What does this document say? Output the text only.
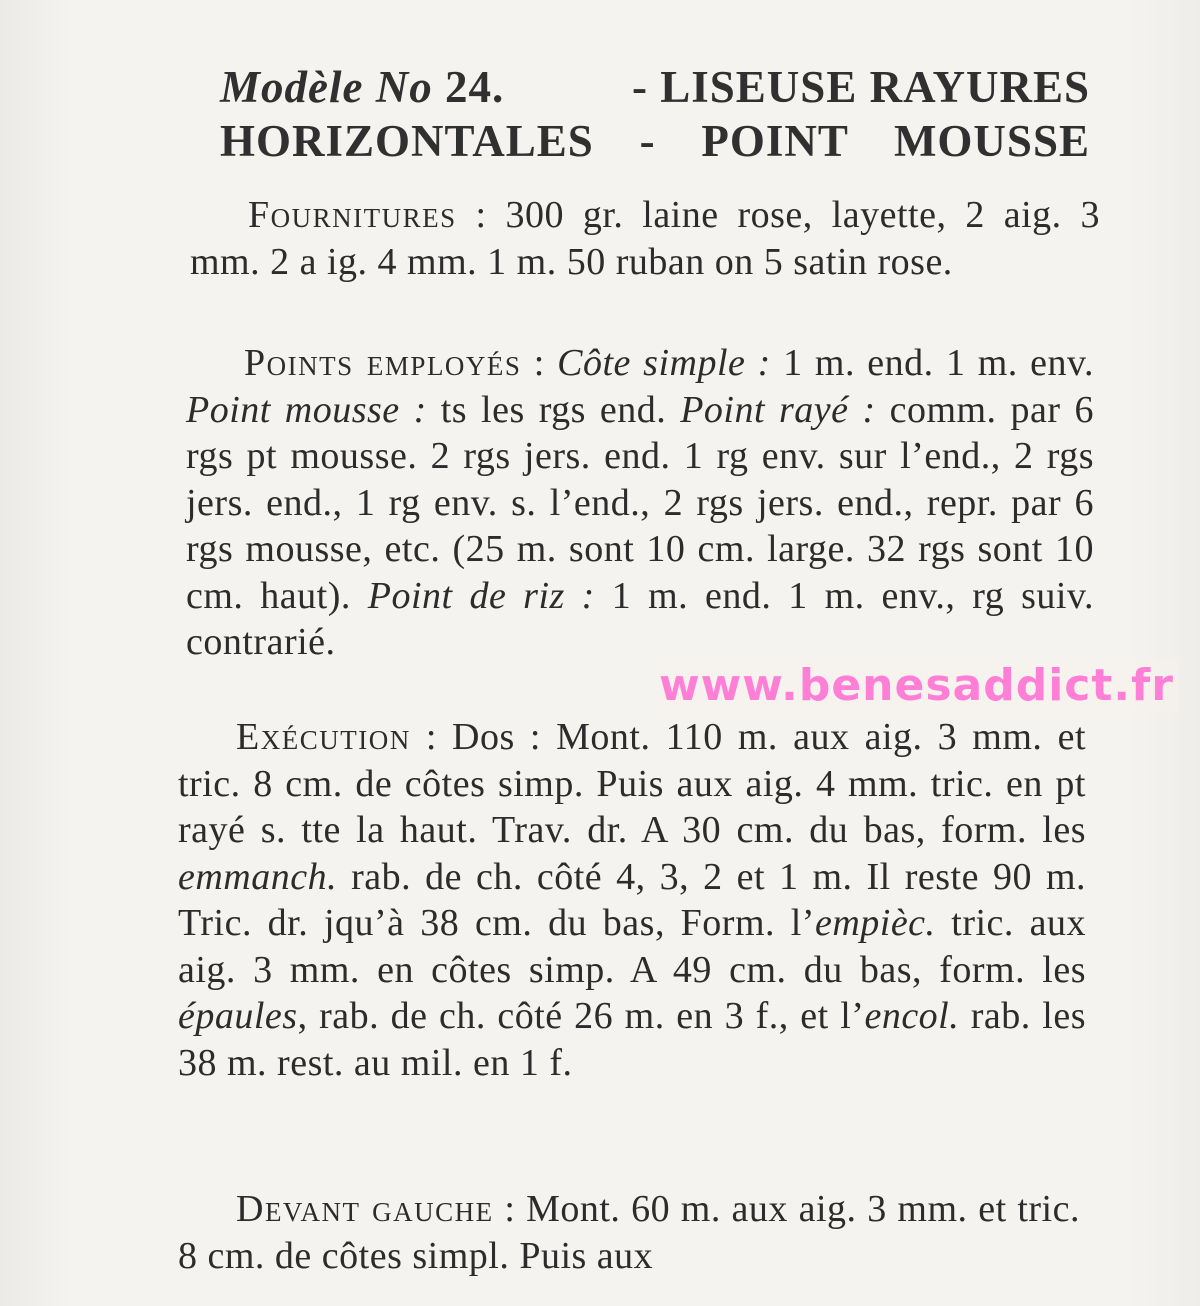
Modèle No 24.	- LISEUSE RAYURES
HORIZONTALES - POINT MOUSSE

Fournitures : 300 gr. laine rose, layette, 2 aig. 3 mm. 2 a ig. 4 mm. 1 m. 50 ruban on 5 satin rose.

Points employés : Côte simple : 1 m. end. 1 m. env. Point mousse : ts les rgs end. Point rayé : comm. par 6 rgs pt mousse. 2 rgs jers. end. 1 rg env. sur l’end., 2 rgs jers. end., 1 rg env. s. l’end., 2 rgs jers. end., repr. par 6 rgs mousse, etc. (25 m. sont 10 cm. large. 32 rgs sont 10 cm. haut). Point de riz : 1 m. end. 1 m. env., rg suiv. contrarié.

Exécution : Dos : Mont. 110 m. aux aig. 3 mm. et tric. 8 cm. de côtes simp. Puis aux aig. 4 mm. tric. en pt rayé s. tte la haut. Trav. dr. A 30 cm. du bas, form. les emmanch. rab. de ch. côté 4, 3, 2 et 1 m. Il reste 90 m. Tric. dr. jqu’à 38 cm. du bas, Form. l’empièc. tric. aux aig. 3 mm. en côtes simp. A 49 cm. du bas, form. les épaules, rab. de ch. côté 26 m. en 3 f., et l’encol. rab. les 38 m. rest. au mil. en 1 f.

Devant gauche : Mont. 60 m. aux aig. 3 mm. et tric. 8 cm. de côtes simpl. Puis aux

www.benesaddict.fr
